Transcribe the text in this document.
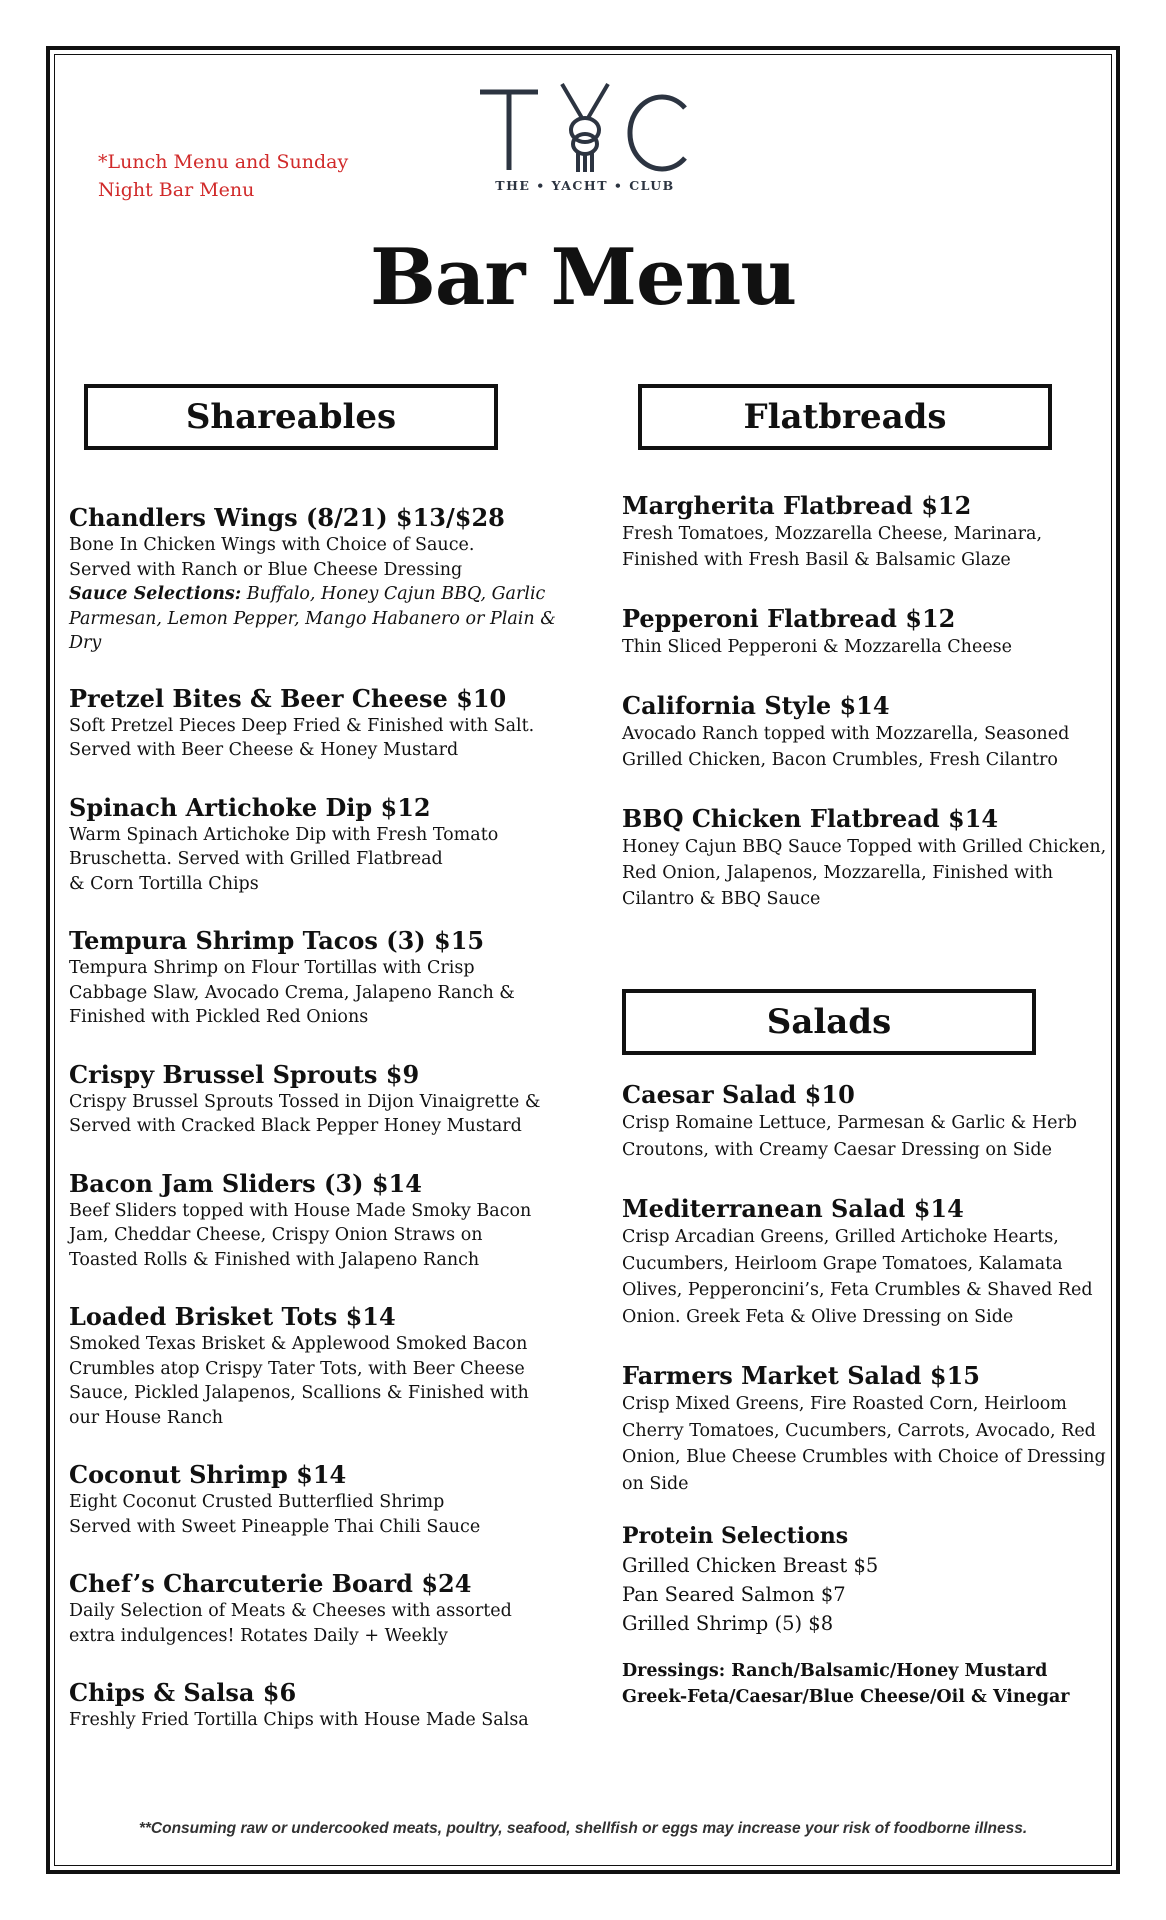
*Lunch Menu and Sunday
Night Bar Menu	THE • YACHT • CLUB
Bar Menu
Shareables	Flatbreads
Salads

Chandlers Wings (8/21) $13/$28

Bone In Chicken Wings with Choice of Sauce.

Served with Ranch or Blue Cheese Dressing

Sauce Selections: Buffalo, Honey Cajun BBQ, Garlic

Parmesan, Lemon Pepper, Mango Habanero or Plain &

Dry

Pretzel Bites & Beer Cheese $10

Soft Pretzel Pieces Deep Fried & Finished with Salt.

Served with Beer Cheese & Honey Mustard

Spinach Artichoke Dip $12

Warm Spinach Artichoke Dip with Fresh Tomato

Bruschetta. Served with Grilled Flatbread

& Corn Tortilla Chips

Tempura Shrimp Tacos (3) $15

Tempura Shrimp on Flour Tortillas with Crisp

Cabbage Slaw, Avocado Crema, Jalapeno Ranch &

Finished with Pickled Red Onions

Crispy Brussel Sprouts $9

Crispy Brussel Sprouts Tossed in Dijon Vinaigrette &

Served with Cracked Black Pepper Honey Mustard

Bacon Jam Sliders (3) $14

Beef Sliders topped with House Made Smoky Bacon

Jam, Cheddar Cheese, Crispy Onion Straws on

Toasted Rolls & Finished with Jalapeno Ranch

Loaded Brisket Tots $14

Smoked Texas Brisket & Applewood Smoked Bacon

Crumbles atop Crispy Tater Tots, with Beer Cheese

Sauce, Pickled Jalapenos, Scallions & Finished with

our House Ranch

Coconut Shrimp $14

Eight Coconut Crusted Butterflied Shrimp

Served with Sweet Pineapple Thai Chili Sauce

Chef’s Charcuterie Board $24

Daily Selection of Meats & Cheeses with assorted

extra indulgences! Rotates Daily + Weekly

Chips & Salsa $6

Freshly Fried Tortilla Chips with House Made Salsa

Margherita Flatbread $12

Fresh Tomatoes, Mozzarella Cheese, Marinara,

Finished with Fresh Basil & Balsamic Glaze

Pepperoni Flatbread $12

Thin Sliced Pepperoni & Mozzarella Cheese

California Style $14

Avocado Ranch topped with Mozzarella, Seasoned

Grilled Chicken, Bacon Crumbles, Fresh Cilantro

BBQ Chicken Flatbread $14

Honey Cajun BBQ Sauce Topped with Grilled Chicken,

Red Onion, Jalapenos, Mozzarella, Finished with

Cilantro & BBQ Sauce

Caesar Salad $10

Crisp Romaine Lettuce, Parmesan & Garlic & Herb

Croutons, with Creamy Caesar Dressing on Side

Mediterranean Salad $14

Crisp Arcadian Greens, Grilled Artichoke Hearts,

Cucumbers, Heirloom Grape Tomatoes, Kalamata

Olives, Pepperoncini’s, Feta Crumbles & Shaved Red

Onion. Greek Feta & Olive Dressing on Side

Farmers Market Salad $15

Crisp Mixed Greens, Fire Roasted Corn, Heirloom

Cherry Tomatoes, Cucumbers, Carrots, Avocado, Red

Onion, Blue Cheese Crumbles with Choice of Dressing

on Side

Protein Selections

Grilled Chicken Breast $5
Pan Seared Salmon $7
Grilled Shrimp (5) $8
Dressings: Ranch/Balsamic/Honey Mustard
Greek-Feta/Caesar/Blue Cheese/Oil & Vinegar
**Consuming raw or undercooked meats, poultry, seafood, shellfish or eggs may increase your risk of foodborne illness.
